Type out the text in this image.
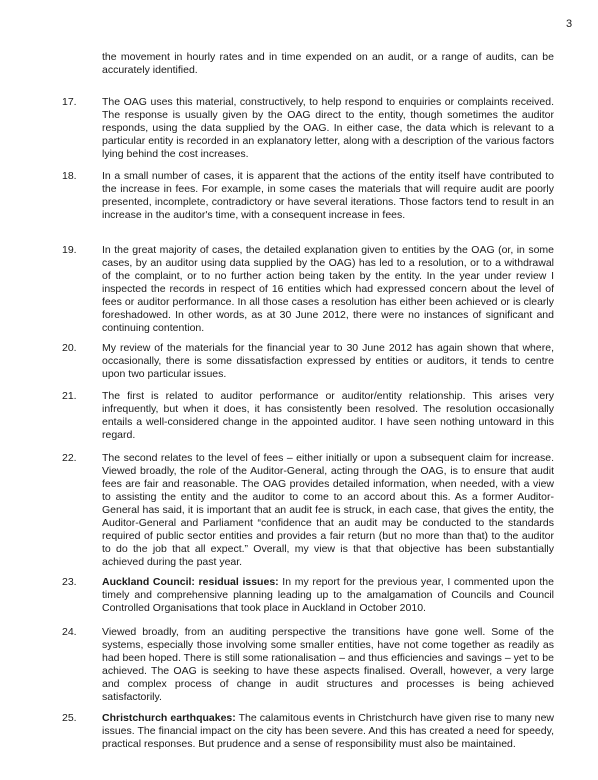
3
the movement in hourly rates and in time expended on an audit, or a range of audits, can be accurately identified.
17.	The OAG uses this material, constructively, to help respond to enquiries or complaints received. The response is usually given by the OAG direct to the entity, though sometimes the auditor responds, using the data supplied by the OAG. In either case, the data which is relevant to a particular entity is recorded in an explanatory letter, along with a description of the various factors lying behind the cost increases.
18.	In a small number of cases, it is apparent that the actions of the entity itself have contributed to the increase in fees. For example, in some cases the materials that will require audit are poorly presented, incomplete, contradictory or have several iterations. Those factors tend to result in an increase in the auditor's time, with a consequent increase in fees.
19.	In the great majority of cases, the detailed explanation given to entities by the OAG (or, in some cases, by an auditor using data supplied by the OAG) has led to a resolution, or to a withdrawal of the complaint, or to no further action being taken by the entity. In the year under review I inspected the records in respect of 16 entities which had expressed concern about the level of fees or auditor performance. In all those cases a resolution has either been achieved or is clearly foreshadowed. In other words, as at 30 June 2012, there were no instances of significant and continuing contention.
20.	My review of the materials for the financial year to 30 June 2012 has again shown that where, occasionally, there is some dissatisfaction expressed by entities or auditors, it tends to centre upon two particular issues.
21.	The first is related to auditor performance or auditor/entity relationship. This arises very infrequently, but when it does, it has consistently been resolved. The resolution occasionally entails a well-considered change in the appointed auditor. I have seen nothing untoward in this regard.
22.	The second relates to the level of fees – either initially or upon a subsequent claim for increase. Viewed broadly, the role of the Auditor-General, acting through the OAG, is to ensure that audit fees are fair and reasonable. The OAG provides detailed information, when needed, with a view to assisting the entity and the auditor to come to an accord about this. As a former Auditor-General has said, it is important that an audit fee is struck, in each case, that gives the entity, the Auditor-General and Parliament “confidence that an audit may be conducted to the standards required of public sector entities and provides a fair return (but no more than that) to the auditor to do the job that all expect.” Overall, my view is that that objective has been substantially achieved during the past year.
23.	Auckland Council: residual issues: In my report for the previous year, I commented upon the timely and comprehensive planning leading up to the amalgamation of Councils and Council Controlled Organisations that took place in Auckland in October 2010.
24.	Viewed broadly, from an auditing perspective the transitions have gone well. Some of the systems, especially those involving some smaller entities, have not come together as readily as had been hoped. There is still some rationalisation – and thus efficiencies and savings – yet to be achieved. The OAG is seeking to have these aspects finalised. Overall, however, a very large and complex process of change in audit structures and processes is being achieved satisfactorily.
25.	Christchurch earthquakes: The calamitous events in Christchurch have given rise to many new issues. The financial impact on the city has been severe. And this has created a need for speedy, practical responses. But prudence and a sense of responsibility must also be maintained.
